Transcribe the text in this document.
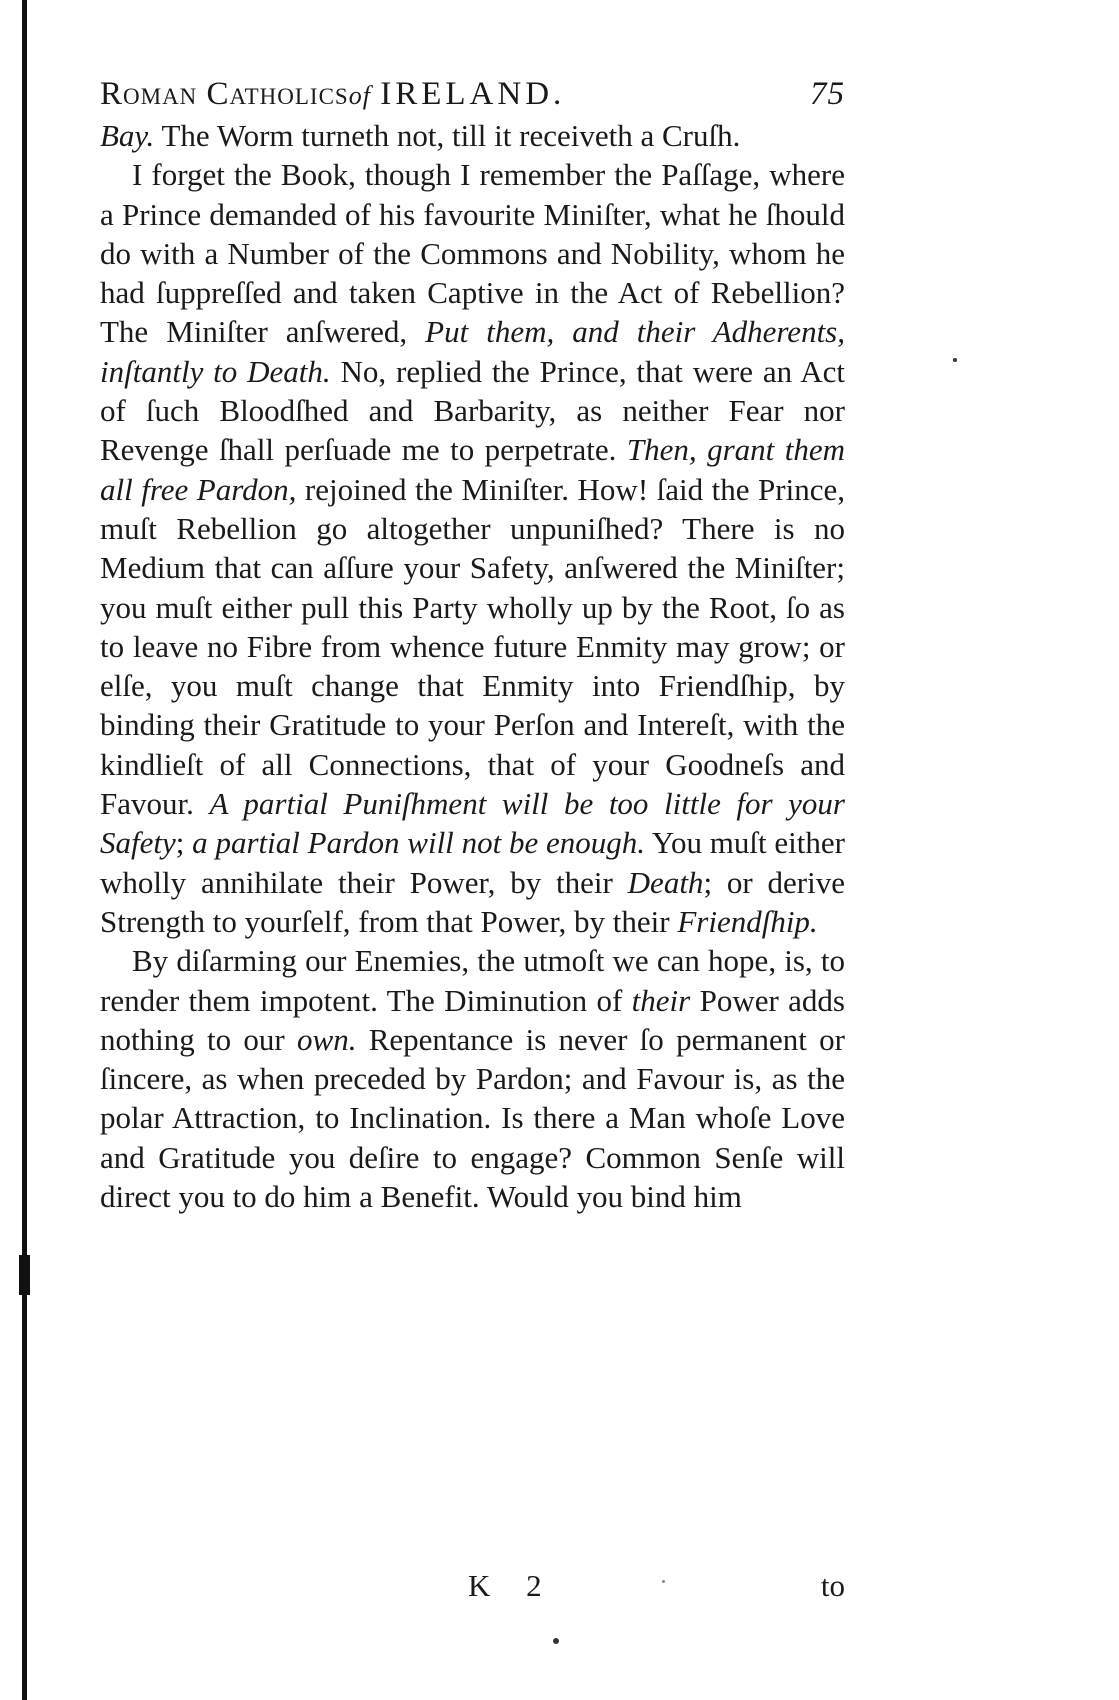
Roman Catholicsof IRELAND.	75

Bay. The Worm turneth not, till it receiveth a Cruſh.

I forget the Book, though I remember the Paſſage, where a Prince demanded of his favourite Miniſter, what he ſhould do with a Number of the Commons and Nobility, whom he had ſuppreſſed and taken Captive in the Act of Rebellion? The Miniſter anſwered, Put them, and their Adherents, inſtantly to Death. No, replied the Prince, that were an Act of ſuch Bloodſhed and Barbarity, as neither Fear nor Revenge ſhall perſuade me to perpetrate. Then, grant them all free Pardon, rejoined the Miniſter. How! ſaid the Prince, muſt Rebellion go altogether unpuniſhed? There is no Medium that can aſſure your Safety, anſwered the Miniſter; you muſt either pull this Party wholly up by the Root, ſo as to leave no Fibre from whence future Enmity may grow; or elſe, you muſt change that Enmity into Friendſhip, by binding their Gratitude to your Perſon and Intereſt, with the kindlieſt of all Connections, that of your Goodneſs and Favour. A partial Puniſhment will be too little for your Safety; a partial Pardon will not be enough. You muſt either wholly annihilate their Power, by their Death; or derive Strength to yourſelf, from that Power, by their Friendſhip.

By diſarming our Enemies, the utmoſt we can hope, is, to render them impotent. The Diminution of their Power adds nothing to our own. Repentance is never ſo permanent or ſincere, as when preceded by Pardon; and Favour is, as the polar Attraction, to Inclination. Is there a Man whoſe Love and Gratitude you deſire to engage? Common Senſe will direct you to do him a Benefit. Would you bind him

K 2	to
